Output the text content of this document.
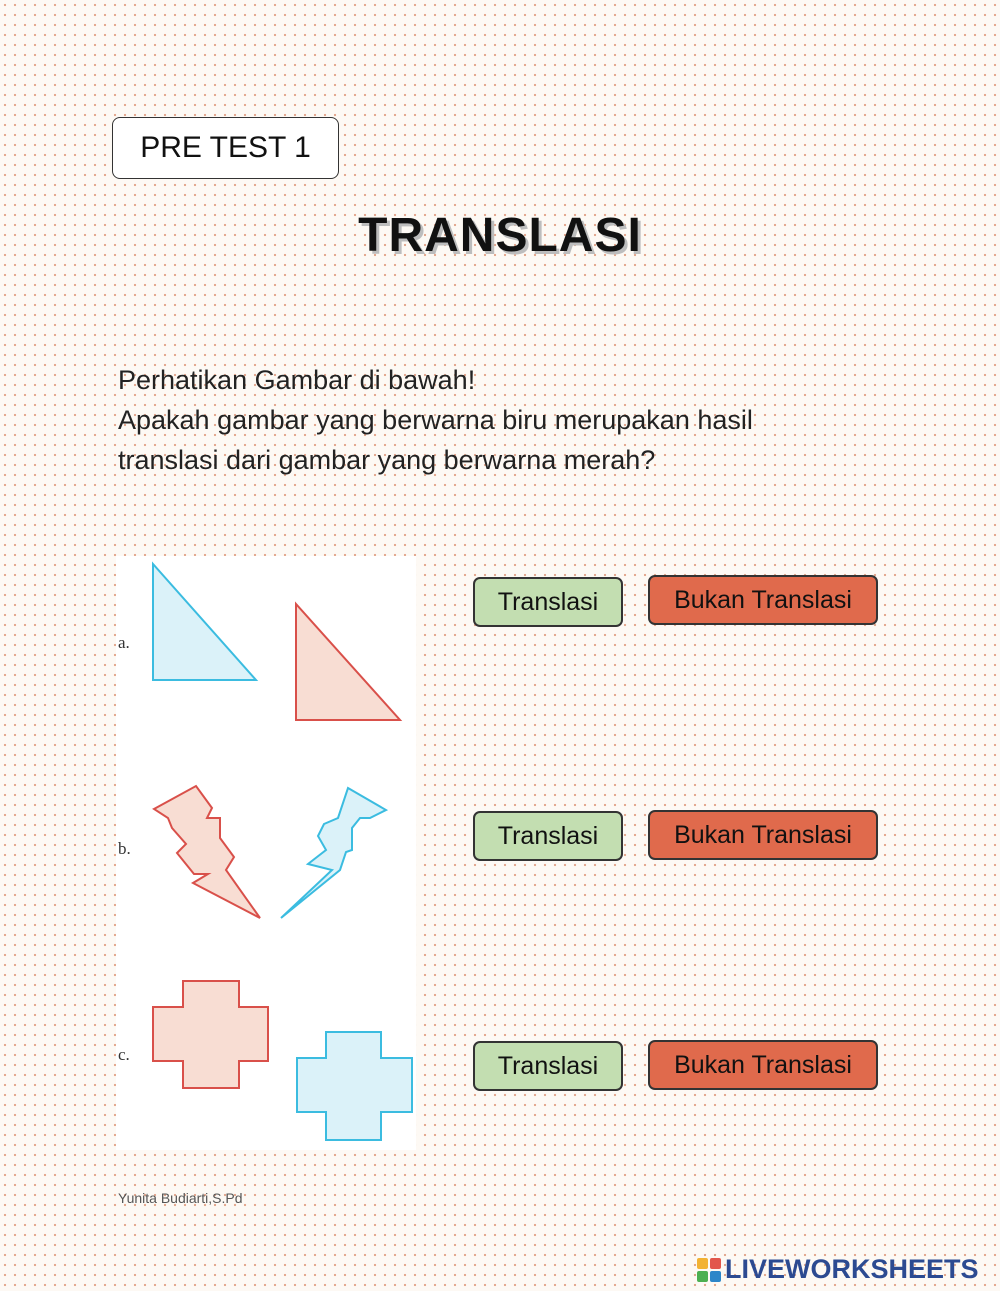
PRE TEST 1
TRANSLASI
Perhatikan Gambar di bawah!
Apakah gambar yang berwarna biru merupakan hasil
translasi dari gambar yang berwarna merah?
a.
b.
c.
Translasi	Bukan Translasi
Translasi	Bukan Translasi
Translasi	Bukan Translasi
Yunita Budiarti,S.Pd
LIVEWORKSHEETS
